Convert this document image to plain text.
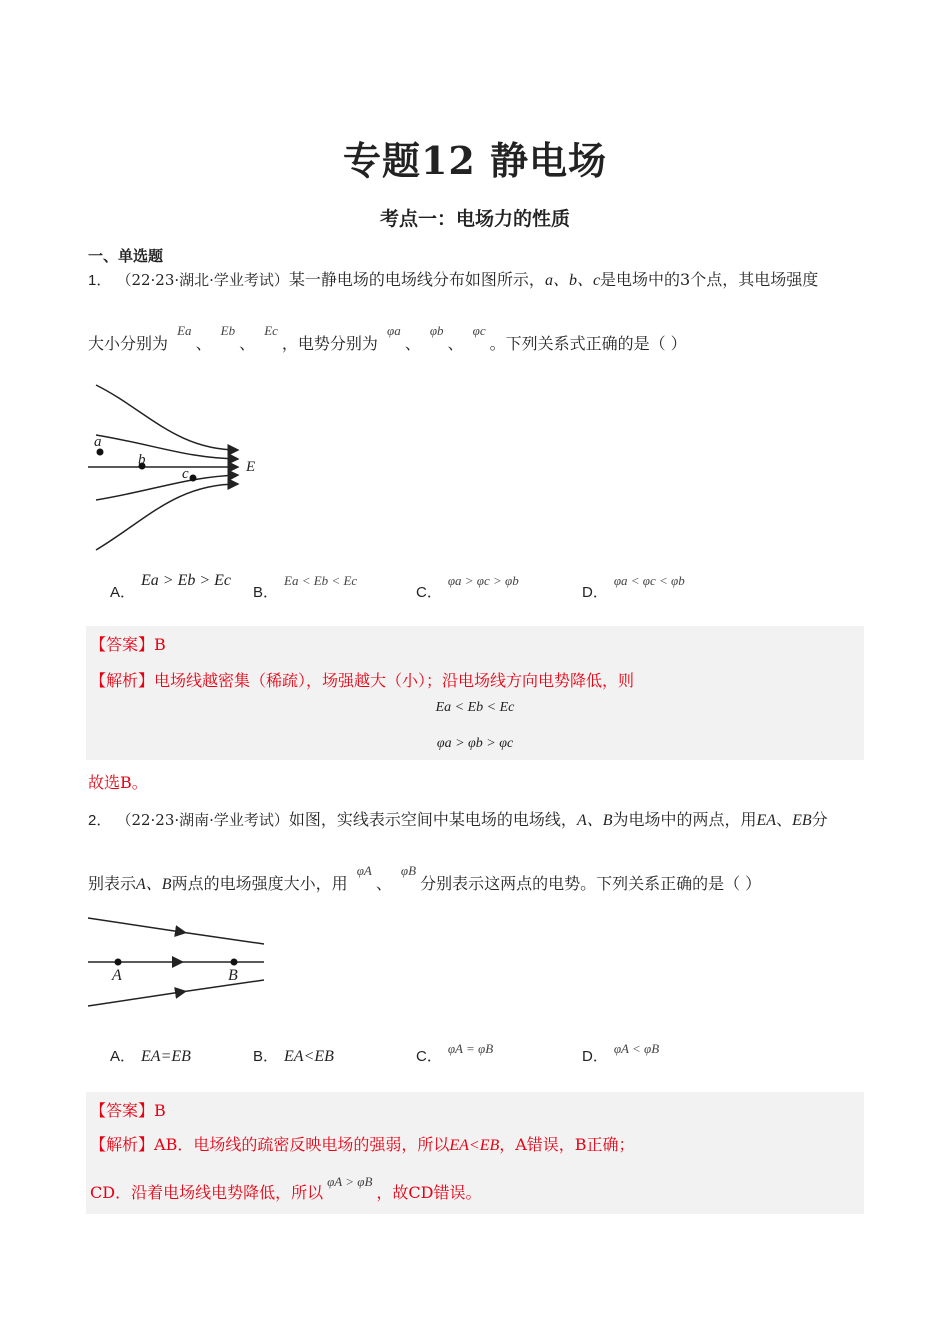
专题12 静电场
考点一：电场力的性质
一、单选题
1． （22·23·湖北·学业考试）某一静电场的电场线分布如图所示，a、b、c是电场中的3个点，其电场强度
大小分别为 $^{Ea}$、 $^{Eb}$、 $^{Ec}$，电势分别为 $^{\varphi a}$、 $^{\varphi b}$、 $^{\varphi c}$。下列关系式正确的是（ ）
a
b
c	E
A．Ea > Eb > Ec
B．$^{Ea < Eb < Ec}$
C．$^{\varphi a > \varphi c > \varphi b}$
D．$^{\varphi a < \varphi c < \varphi b}$
【答案】B
【解析】电场线越密集（稀疏），场强越大（小）；沿电场线方向电势降低，则
Ea < Eb < Ec
φa > φb > φc
故选B。
2． （22·23·湖南·学业考试）如图，实线表示空间中某电场的电场线，A、B为电场中的两点，用EA、EB分
别表示A、B两点的电场强度大小，用 $^{\varphi A}$、 $^{\varphi B}$分别表示这两点的电势。下列关系正确的是（ ）
A	B
A． EA=EB	B． EA<EB	C． $^{\varphi A = \varphi B}$	D． $^{\varphi A < \varphi B}$
【答案】B
【解析】AB．电场线的疏密反映电场的强弱，所以EA<EB，A错误，B正确；
CD．沿着电场线电势降低，所以$^{\varphi A > \varphi B}$，故CD错误。
